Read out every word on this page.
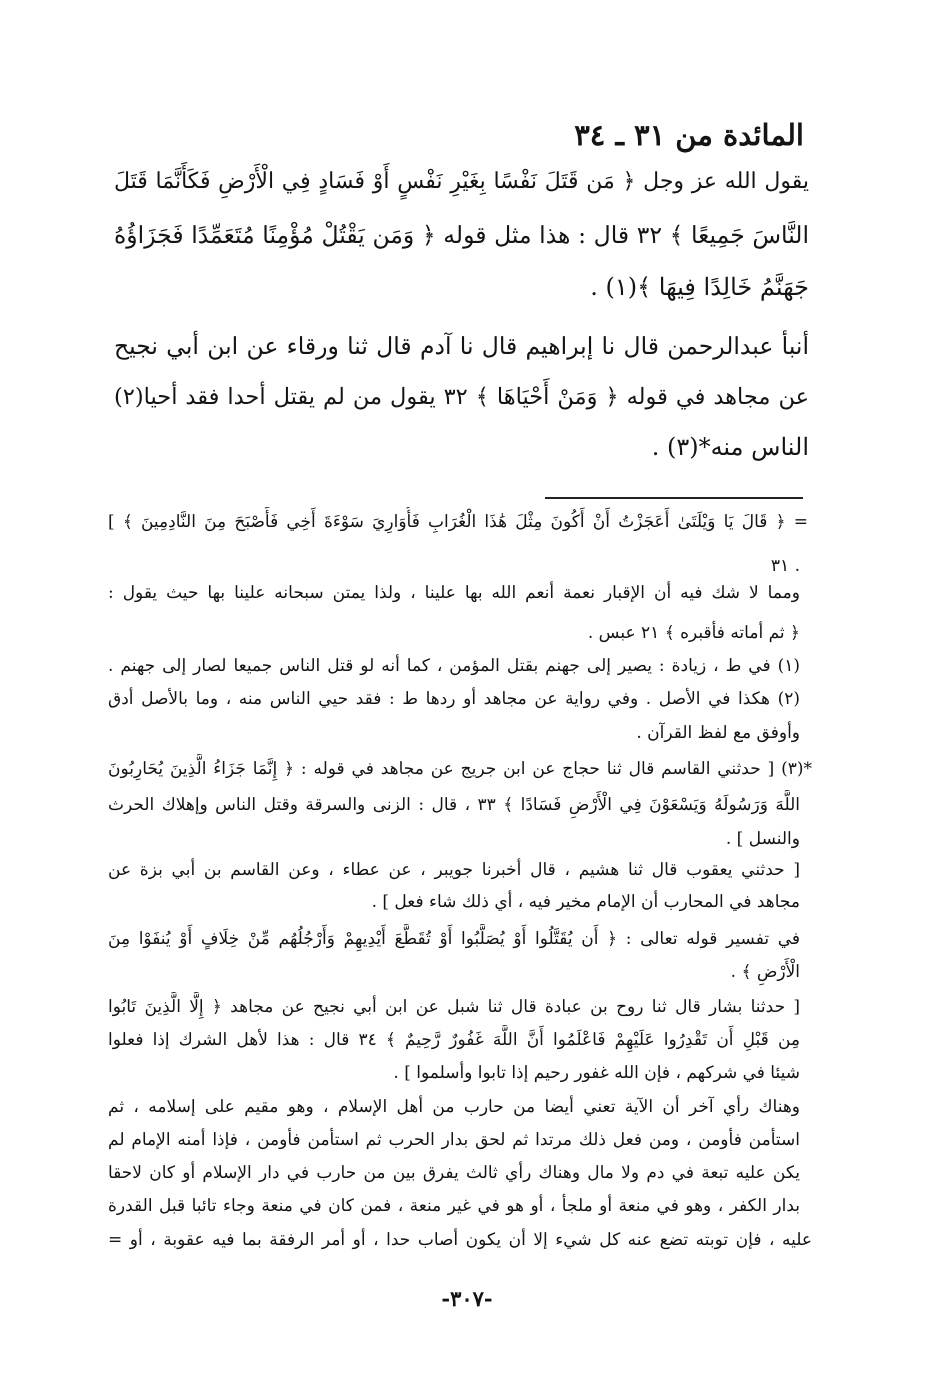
المائدة من ٣١ ـ ٣٤
يقول الله عز وجل ﴿ مَن قَتَلَ نَفْسًا بِغَيْرِ نَفْسٍ أَوْ فَسَادٍ فِي الْأَرْضِ فَكَأَنَّمَا قَتَلَ
النَّاسَ جَمِيعًا ﴾ ٣٢ قال : هذا مثل قوله ﴿ وَمَن يَقْتُلْ مُؤْمِنًا مُتَعَمِّدًا فَجَزَاؤُهُ
جَهَنَّمُ خَالِدًا فِيهَا ﴾(١) .
أنبأ عبدالرحمن قال نا إبراهيم قال نا آدم قال ثنا ورقاء عن ابن أبي نجيح
عن مجاهد في قوله ﴿ وَمَنْ أَحْيَاهَا ﴾ ٣٢ يقول من لم يقتل أحدا فقد أحيا(٢)
الناس منه*(٣) .
= ﴿ قَالَ يَا وَيْلَتَىٰ أَعَجَزْتُ أَنْ أَكُونَ مِثْلَ هَٰذَا الْغُرَابِ فَأُوَارِيَ سَوْءَةَ أَخِي فَأَصْبَحَ مِنَ النَّادِمِينَ ﴾ ]
٣١ .
ومما لا شك فيه أن الإقبار نعمة أنعم الله بها علينا ، ولذا يمتن سبحانه علينا بها حيث يقول :
﴿ ثم أماته فأقبره ﴾ ٢١ عبس .
(١) في ط ، زيادة : يصير إلى جهنم بقتل المؤمن ، كما أنه لو قتل الناس جميعا لصار إلى جهنم .
(٢) هكذا في الأصل . وفي رواية عن مجاهد أو ردها ط : فقد حيي الناس منه ، وما بالأصل أدق
وأوفق مع لفظ القرآن .
*(٣) [ حدثني القاسم قال ثنا حجاج عن ابن جريج عن مجاهد في قوله : ﴿ إِنَّمَا جَزَاءُ الَّذِينَ يُحَارِبُونَ
اللَّهَ وَرَسُولَهُ وَيَسْعَوْنَ فِي الْأَرْضِ فَسَادًا ﴾ ٣٣ ، قال : الزنى والسرقة وقتل الناس وإهلاك الحرث
والنسل ] .
[ حدثني يعقوب قال ثنا هشيم ، قال أخبرنا جويبر ، عن عطاء ، وعن القاسم بن أبي بزة عن
مجاهد في المحارب أن الإمام مخير فيه ، أي ذلك شاء فعل ] .
في تفسير قوله تعالى : ﴿ أَن يُقَتَّلُوا أَوْ يُصَلَّبُوا أَوْ تُقَطَّعَ أَيْدِيهِمْ وَأَرْجُلُهُم مِّنْ خِلَافٍ أَوْ يُنفَوْا مِنَ
الْأَرْضِ ﴾ .
[ حدثنا بشار قال ثنا روح بن عبادة قال ثنا شبل عن ابن أبي نجيح عن مجاهد ﴿ إِلَّا الَّذِينَ تَابُوا
مِن قَبْلِ أَن تَقْدِرُوا عَلَيْهِمْ فَاعْلَمُوا أَنَّ اللَّهَ غَفُورٌ رَّحِيمٌ ﴾ ٣٤ قال : هذا لأهل الشرك إذا فعلوا
شيئا في شركهم ، فإن الله غفور رحيم إذا تابوا وأسلموا ] .
وهناك رأي آخر أن الآية تعني أيضا من حارب من أهل الإسلام ، وهو مقيم على إسلامه ، ثم
استأمن فأومن ، ومن فعل ذلك مرتدا ثم لحق بدار الحرب ثم استأمن فأومن ، فإذا أمنه الإمام لم
يكن عليه تبعة في دم ولا مال وهناك رأي ثالث يفرق بين من حارب في دار الإسلام أو كان لاحقا
بدار الكفر ، وهو في منعة أو ملجأ ، أو هو في غير منعة ، فمن كان في منعة وجاء تائبا قبل القدرة
عليه ، فإن توبته تضع عنه كل شيء إلا أن يكون أصاب حدا ، أو أمر الرفقة بما فيه عقوبة ، أو =
-٣٠٧-
